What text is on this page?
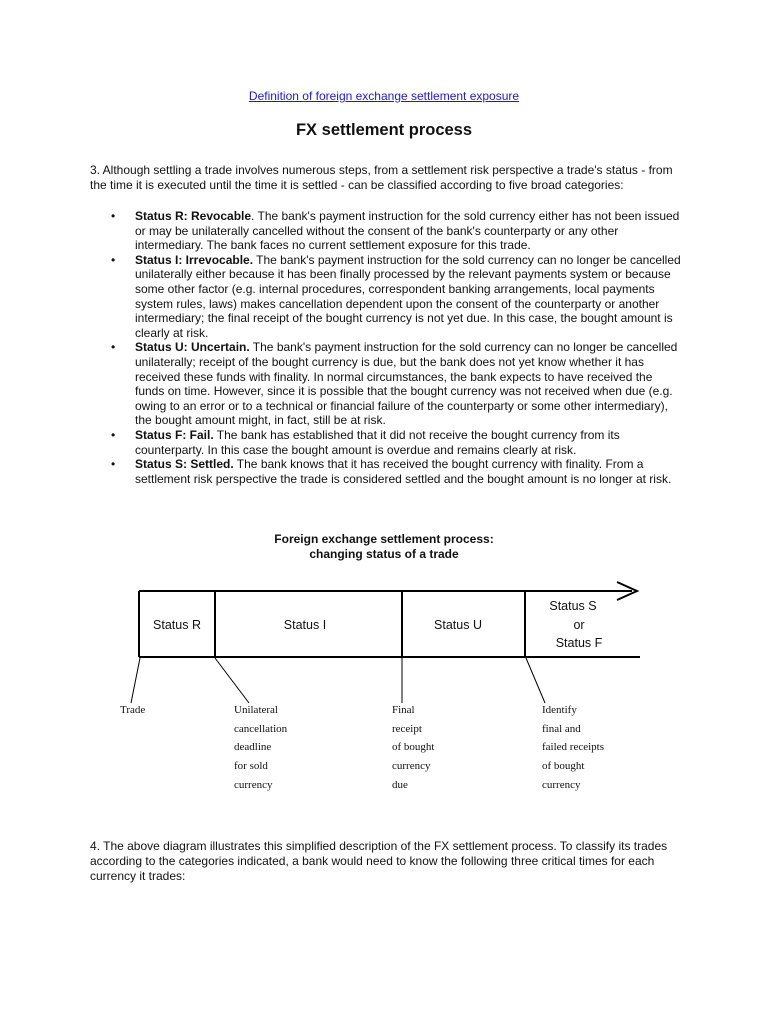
Definition of foreign exchange settlement exposure
FX settlement process

3. Although settling a trade involves numerous steps, from a settlement risk perspective a trade's status - from the time it is executed until the time it is settled - can be classified according to five broad categories:

• Status R: Revocable. The bank's payment instruction for the sold currency either has not been issued or may be unilaterally cancelled without the consent of the bank's counterparty or any other intermediary. The bank faces no current settlement exposure for this trade.
• Status I: Irrevocable. The bank's payment instruction for the sold currency can no longer be cancelled unilaterally either because it has been finally processed by the relevant payments system or because some other factor (e.g. internal procedures, correspondent banking arrangements, local payments system rules, laws) makes cancellation dependent upon the consent of the counterparty or another intermediary; the final receipt of the bought currency is not yet due. In this case, the bought amount is clearly at risk.
• Status U: Uncertain. The bank's payment instruction for the sold currency can no longer be cancelled unilaterally; receipt of the bought currency is due, but the bank does not yet know whether it has received these funds with finality. In normal circumstances, the bank expects to have received the funds on time. However, since it is possible that the bought currency was not received when due (e.g. owing to an error or to a technical or financial failure of the counterparty or some other intermediary), the bought amount might, in fact, still be at risk.
• Status F: Fail. The bank has established that it did not receive the bought currency from its counterparty. In this case the bought amount is overdue and remains clearly at risk.
• Status S: Settled. The bank knows that it has received the bought currency with finality. From a settlement risk perspective the trade is considered settled and the bought amount is no longer at risk.

Foreign exchange settlement process:

changing status of a trade

Status R	Status I	Status U
Status S
or
Status F
Trade	Unilateral cancellation deadline for sold currency
Final receipt of bought currency due
Identify final and failed receipts of bought currency

4. The above diagram illustrates this simplified description of the FX settlement process. To classify its trades according to the categories indicated, a bank would need to know the following three critical times for each currency it trades:
